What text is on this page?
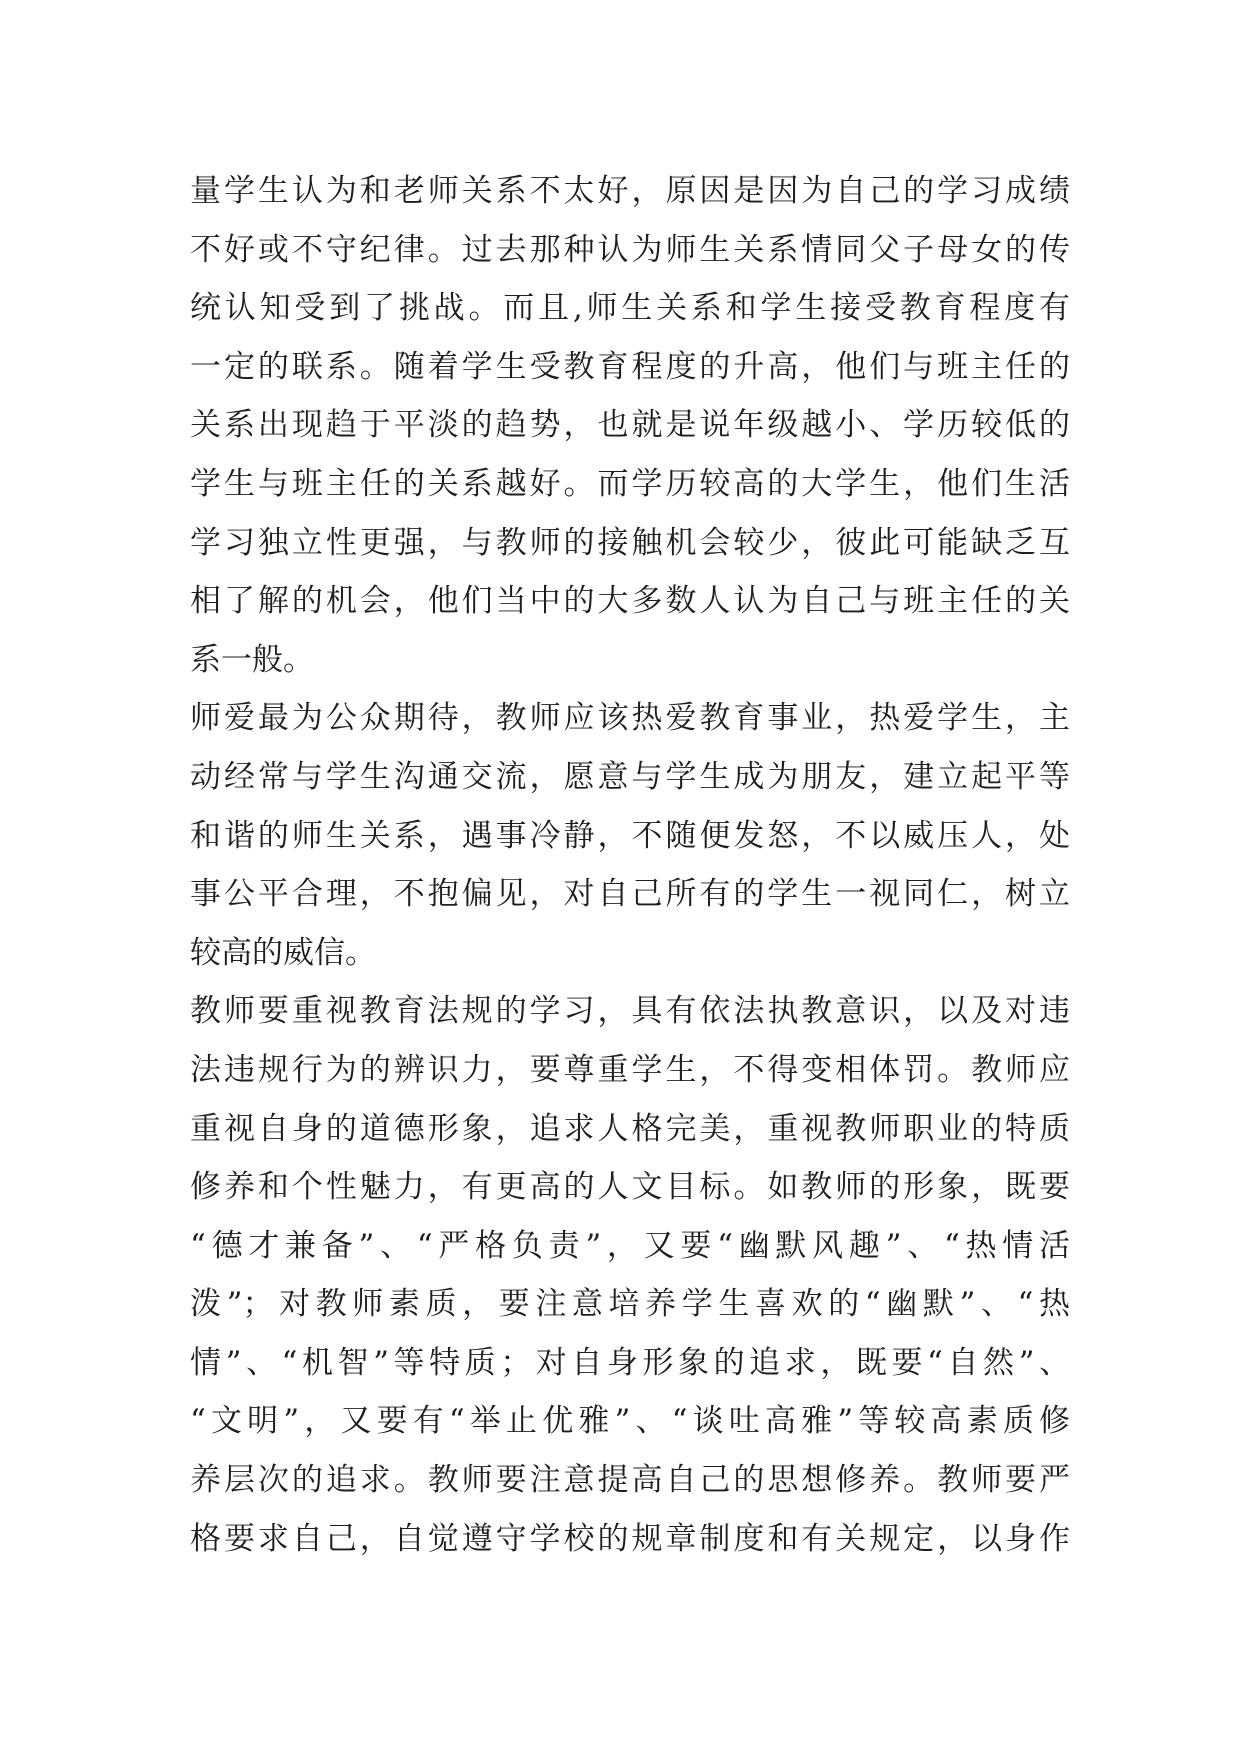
量学生认为和老师关系不太好，原因是因为自己的学习成绩
不好或不守纪律。过去那种认为师生关系情同父子母女的传
统认知受到了挑战。而且,师生关系和学生接受教育程度有
一定的联系。随着学生受教育程度的升高，他们与班主任的
关系出现趋于平淡的趋势，也就是说年级越小、学历较低的
学生与班主任的关系越好。而学历较高的大学生，他们生活
学习独立性更强，与教师的接触机会较少，彼此可能缺乏互
相了解的机会，他们当中的大多数人认为自己与班主任的关
系一般。
师爱最为公众期待，教师应该热爱教育事业，热爱学生，主
动经常与学生沟通交流，愿意与学生成为朋友，建立起平等
和谐的师生关系，遇事冷静，不随便发怒，不以威压人，处
事公平合理，不抱偏见，对自己所有的学生一视同仁，树立
较高的威信。
教师要重视教育法规的学习，具有依法执教意识，以及对违
法违规行为的辨识力，要尊重学生，不得变相体罚。教师应
重视自身的道德形象，追求人格完美，重视教师职业的特质
修养和个性魅力，有更高的人文目标。如教师的形象，既要
“德才兼备”、“严格负责”，又要“幽默风趣”、“热情活
泼”；对教师素质，要注意培养学生喜欢的“幽默”、“热
情”、“机智”等特质；对自身形象的追求，既要“自然”、
“文明”，又要有“举止优雅”、“谈吐高雅”等较高素质修
养层次的追求。教师要注意提高自己的思想修养。教师要严
格要求自己，自觉遵守学校的规章制度和有关规定，以身作
